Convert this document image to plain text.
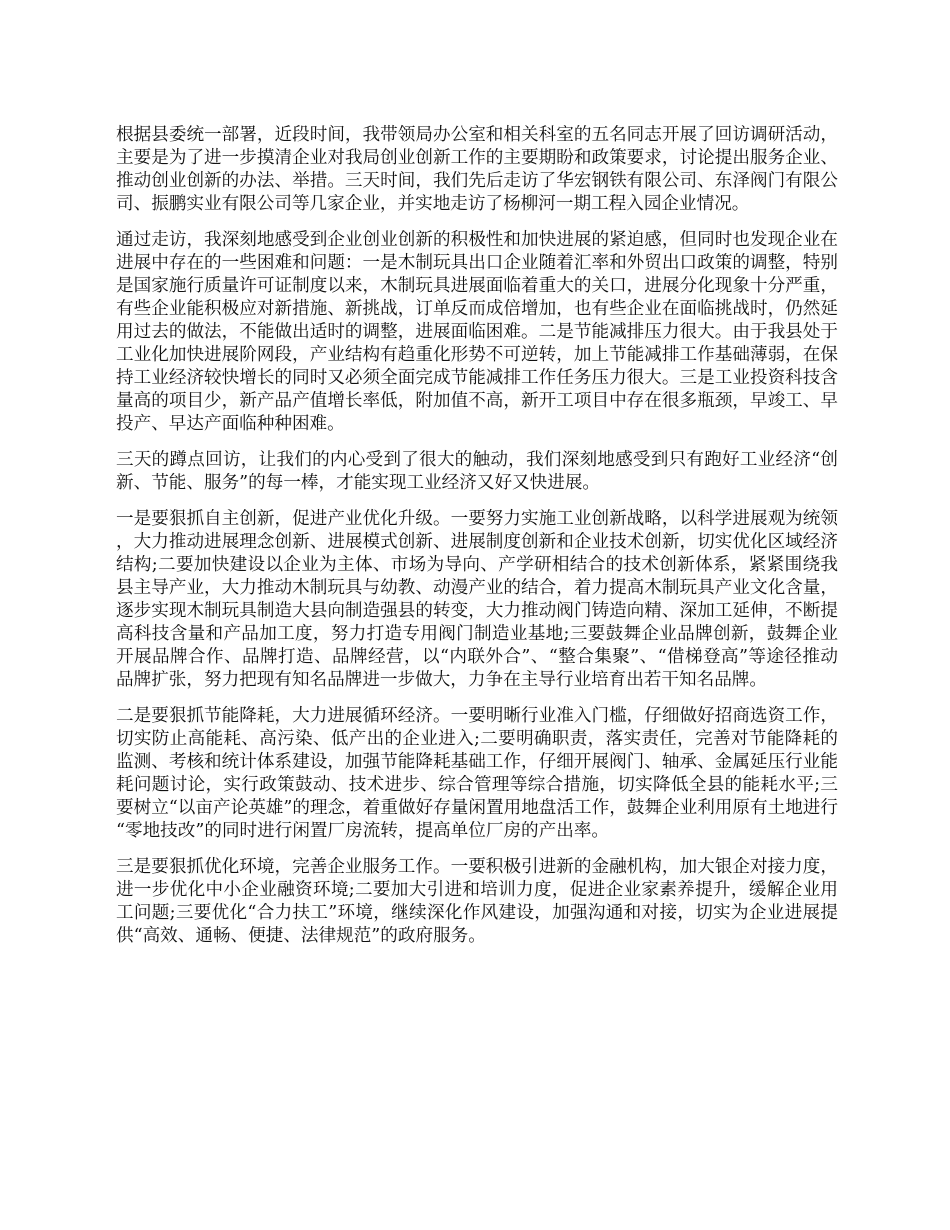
根据县委统一部署，近段时间，我带领局办公室和相关科室的五名同志开展了回访调研活动，主要是为了进一步摸清企业对我局创业创新工作的主要期盼和政策要求，讨论提出服务企业、推动创业创新的办法、举措。三天时间，我们先后走访了华宏钢铁有限公司、东泽阀门有限公司、振鹏实业有限公司等几家企业，并实地走访了杨柳河一期工程入园企业情况。

通过走访，我深刻地感受到企业创业创新的积极性和加快进展的紧迫感，但同时也发现企业在进展中存在的一些困难和问题：一是木制玩具出口企业随着汇率和外贸出口政策的调整，特别是国家施行质量许可证制度以来，木制玩具进展面临着重大的关口，进展分化现象十分严重，有些企业能积极应对新措施、新挑战，订单反而成倍增加，也有些企业在面临挑战时，仍然延用过去的做法，不能做出适时的调整，进展面临困难。二是节能减排压力很大。由于我县处于工业化加快进展阶网段，产业结构有趋重化形势不可逆转，加上节能减排工作基础薄弱，在保持工业经济较快增长的同时又必须全面完成节能减排工作任务压力很大。三是工业投资科技含量高的项目少，新产品产值增长率低，附加值不高，新开工项目中存在很多瓶颈，早竣工、早投产、早达产面临种种困难。

三天的蹲点回访，让我们的内心受到了很大的触动，我们深刻地感受到只有跑好工业经济“创新、节能、服务”的每一棒，才能实现工业经济又好又快进展。

一是要狠抓自主创新，促进产业优化升级。一要努力实施工业创新战略，以科学进展观为统领，大力推动进展理念创新、进展模式创新、进展制度创新和企业技术创新，切实优化区域经济结构;二要加快建设以企业为主体、市场为导向、产学研相结合的技术创新体系，紧紧围绕我县主导产业，大力推动木制玩具与幼教、动漫产业的结合，着力提高木制玩具产业文化含量，逐步实现木制玩具制造大县向制造强县的转变，大力推动阀门铸造向精、深加工延伸，不断提高科技含量和产品加工度，努力打造专用阀门制造业基地;三要鼓舞企业品牌创新，鼓舞企业开展品牌合作、品牌打造、品牌经营，以“内联外合”、“整合集聚”、“借梯登高”等途径推动品牌扩张，努力把现有知名品牌进一步做大，力争在主导行业培育出若干知名品牌。

二是要狠抓节能降耗，大力进展循环经济。一要明晰行业准入门槛，仔细做好招商选资工作，切实防止高能耗、高污染、低产出的企业进入;二要明确职责，落实责任，完善对节能降耗的监测、考核和统计体系建设，加强节能降耗基础工作，仔细开展阀门、轴承、金属延压行业能耗问题讨论，实行政策鼓动、技术进步、综合管理等综合措施，切实降低全县的能耗水平;三要树立“以亩产论英雄”的理念，着重做好存量闲置用地盘活工作，鼓舞企业利用原有土地进行“零地技改”的同时进行闲置厂房流转，提高单位厂房的产出率。

三是要狠抓优化环境，完善企业服务工作。一要积极引进新的金融机构，加大银企对接力度，进一步优化中小企业融资环境;二要加大引进和培训力度，促进企业家素养提升，缓解企业用工问题;三要优化“合力扶工”环境，继续深化作风建设，加强沟通和对接，切实为企业进展提供“高效、通畅、便捷、法律规范”的政府服务。
